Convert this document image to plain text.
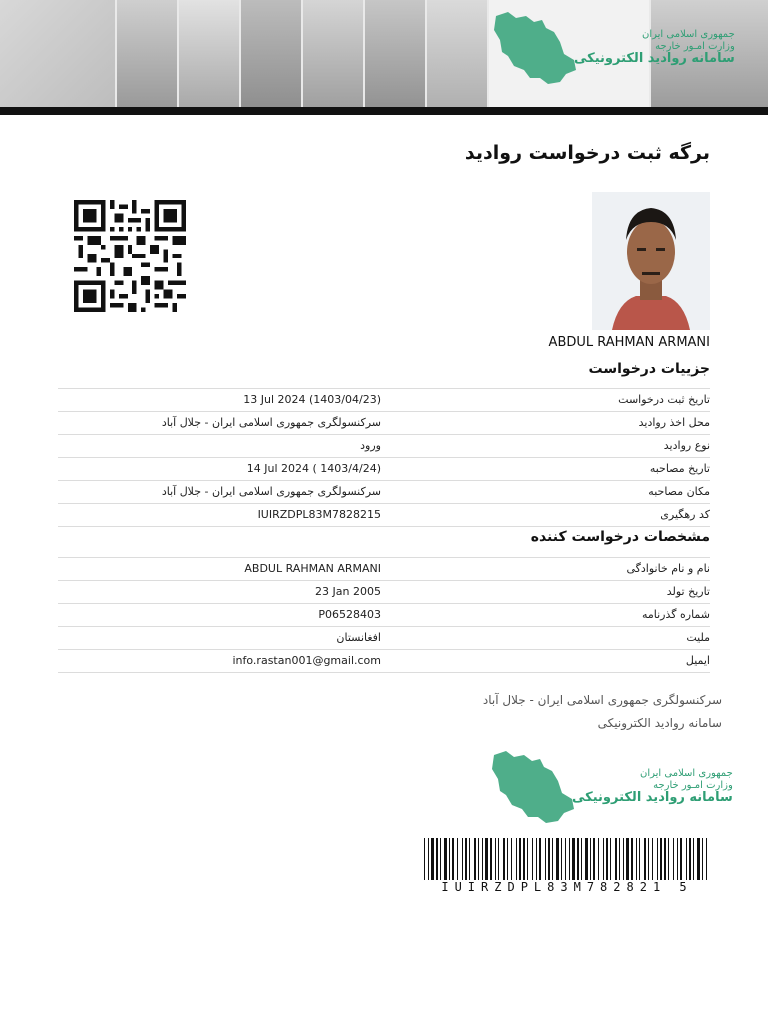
جمهوری اسلامی ایران
وزارت امـور خارجه
سامانه روادید الکترونیکی
برگه ثبت درخواست روادید
ABDUL RAHMAN ARMANI
جزییات درخواست
تاریخ ثبت درخواست
13 Jul 2024 (1403/04/23)
محل اخذ روادید
سرکنسولگری جمهوری اسلامی ایران - جلال آباد
نوع روادید
ورود
تاریخ مصاحبه
14 Jul 2024 ( 1403/4/24)
مکان مصاحبه
سرکنسولگری جمهوری اسلامی ایران - جلال آباد
کد رهگیری
IUIRZDPL83M7828215
مشخصات درخواست کننده
نام و نام خانوادگی
ABDUL RAHMAN ARMANI
تاریخ تولد
23 Jan 2005
شماره گذرنامه
P06528403
ملیت
افغانستان
ایمیل
info.rastan001@gmail.com
سرکنسولگری جمهوری اسلامی ایران - جلال آباد
سامانه روادید الکترونیکی
جمهوری اسلامی ایران
وزارت امـور خارجه
سامانه روادید الکترونیکی
IUIRZDPL83M782821 5
